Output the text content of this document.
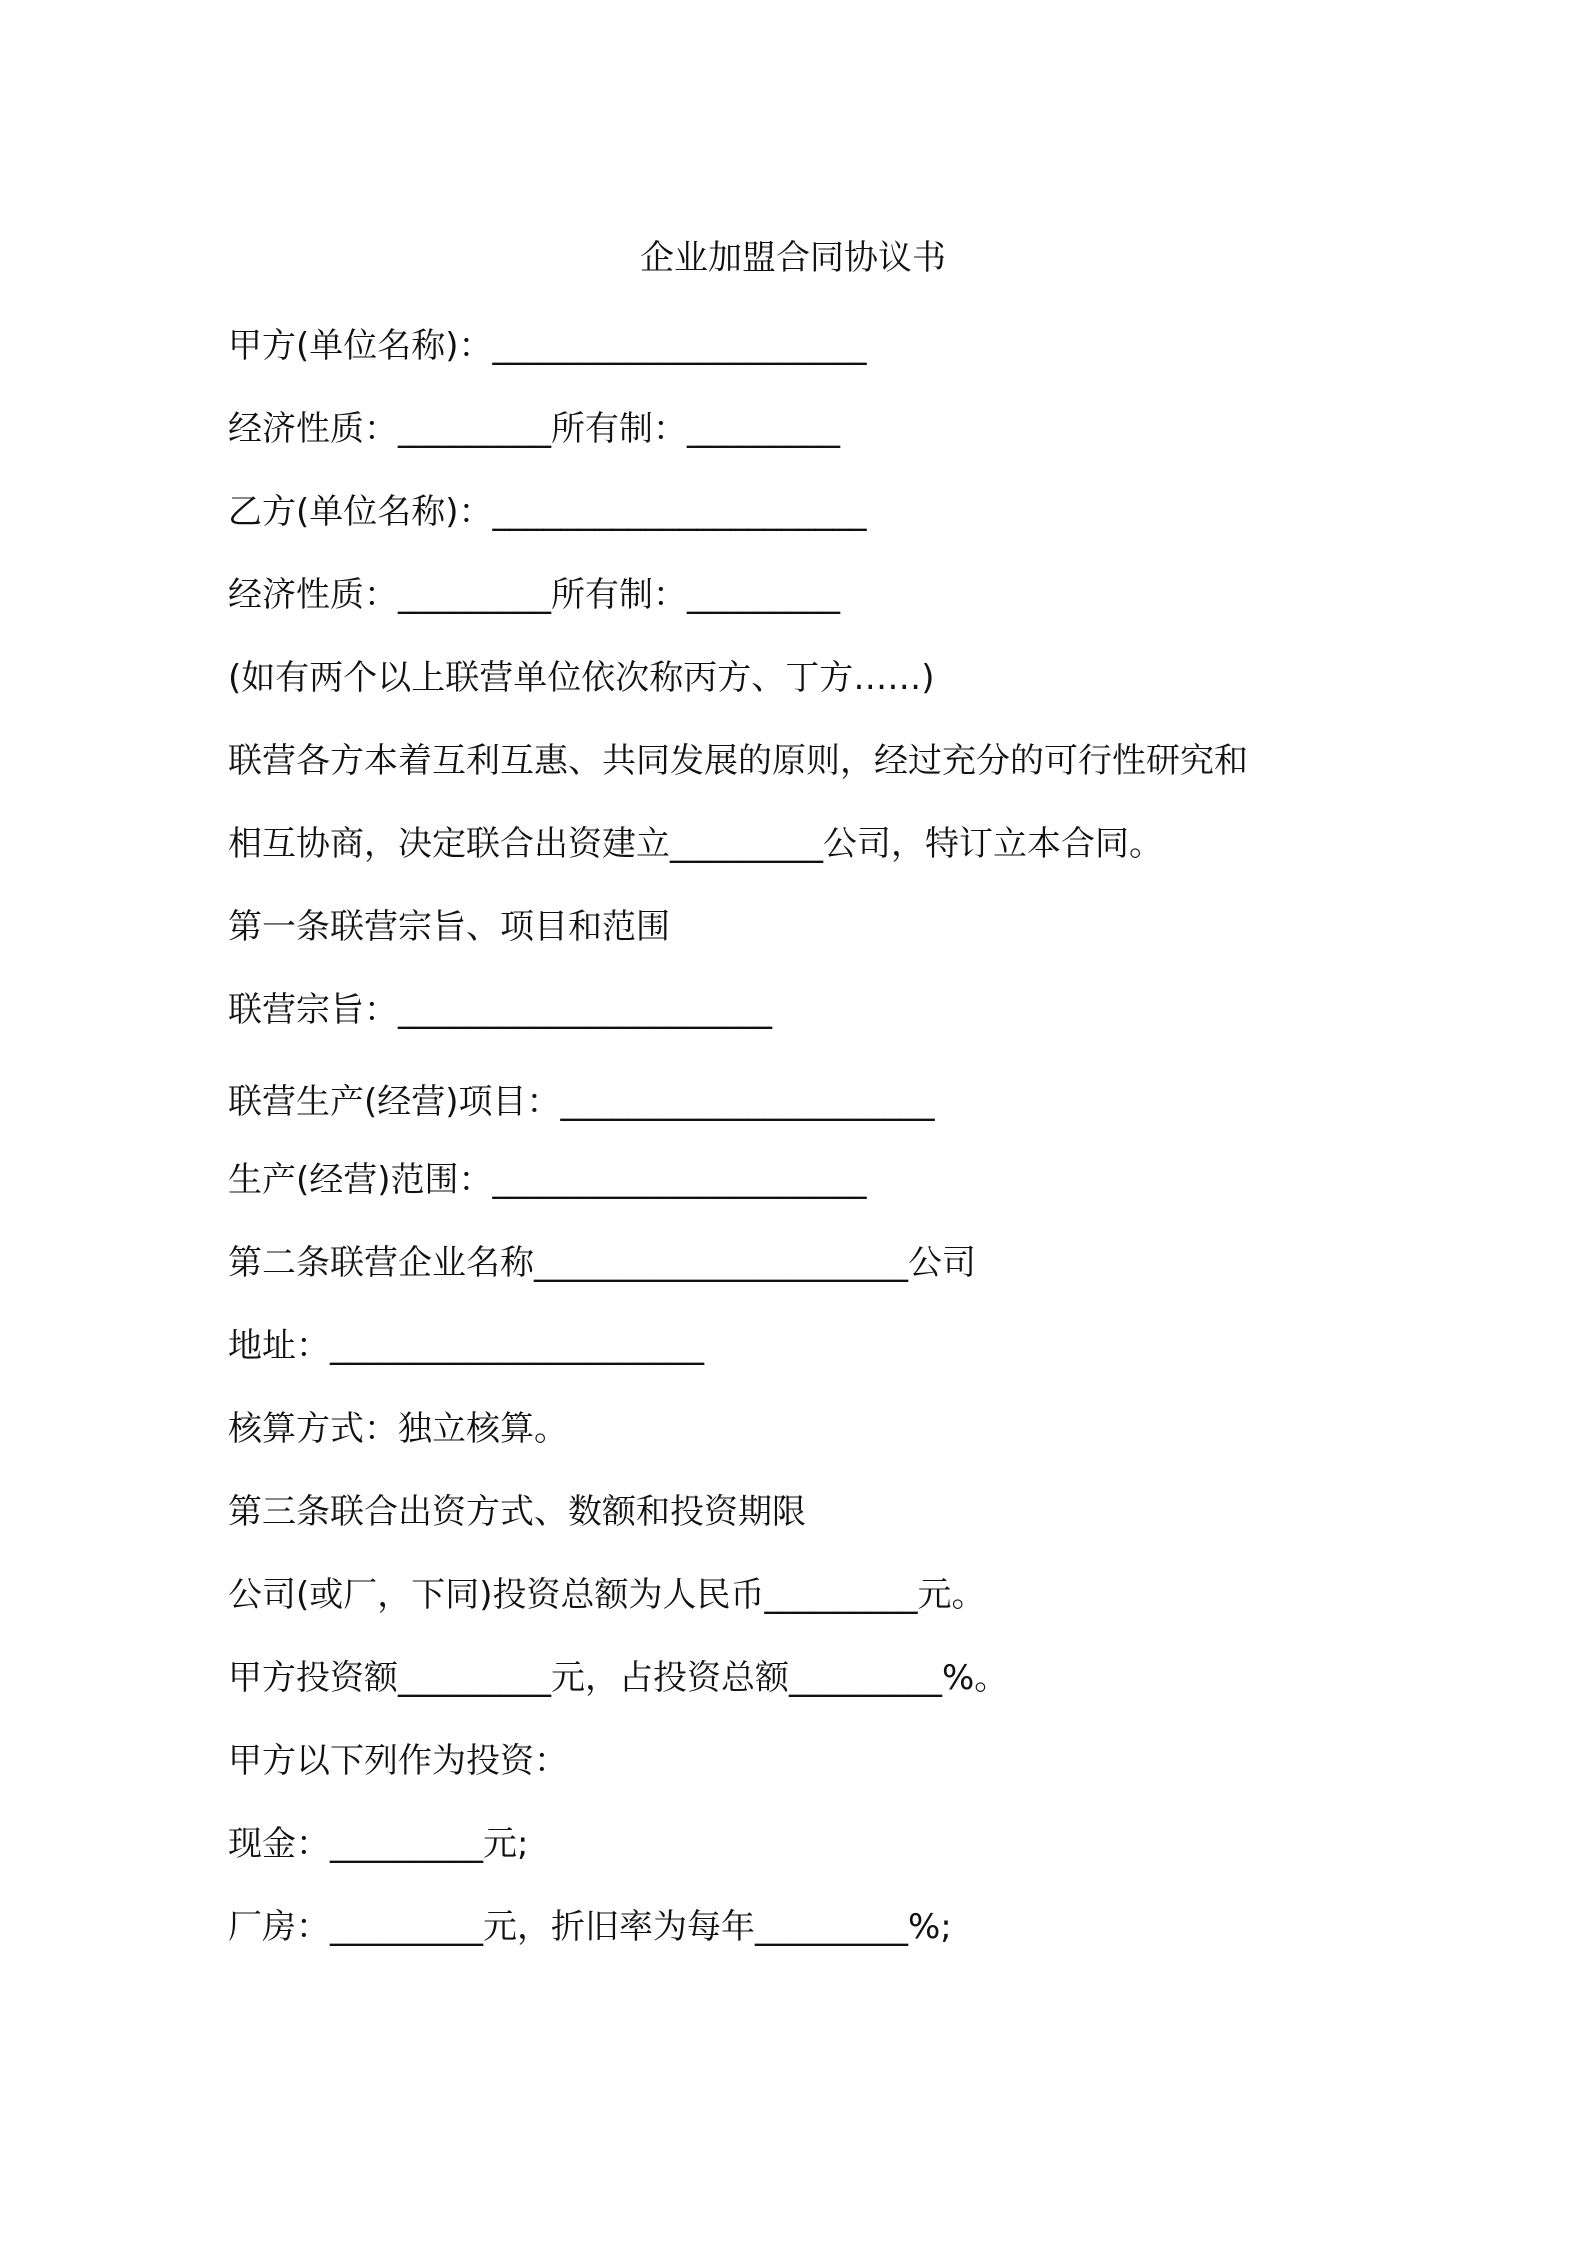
企业加盟合同协议书
甲方(单位名称)：______________________
经济性质：_________所有制：_________
乙方(单位名称)：______________________
经济性质：_________所有制：_________
(如有两个以上联营单位依次称丙方、丁方……)
联营各方本着互利互惠、共同发展的原则，经过充分的可行性研究和
相互协商，决定联合出资建立_________公司，特订立本合同。
第一条联营宗旨、项目和范围
联营宗旨：______________________
联营生产(经营)项目：______________________
生产(经营)范围：______________________
第二条联营企业名称______________________公司
地址：______________________
核算方式：独立核算。
第三条联合出资方式、数额和投资期限
公司(或厂，下同)投资总额为人民币_________元。
甲方投资额_________元，占投资总额_________%。
甲方以下列作为投资：
现金：_________元;
厂房：_________元，折旧率为每年_________%;
